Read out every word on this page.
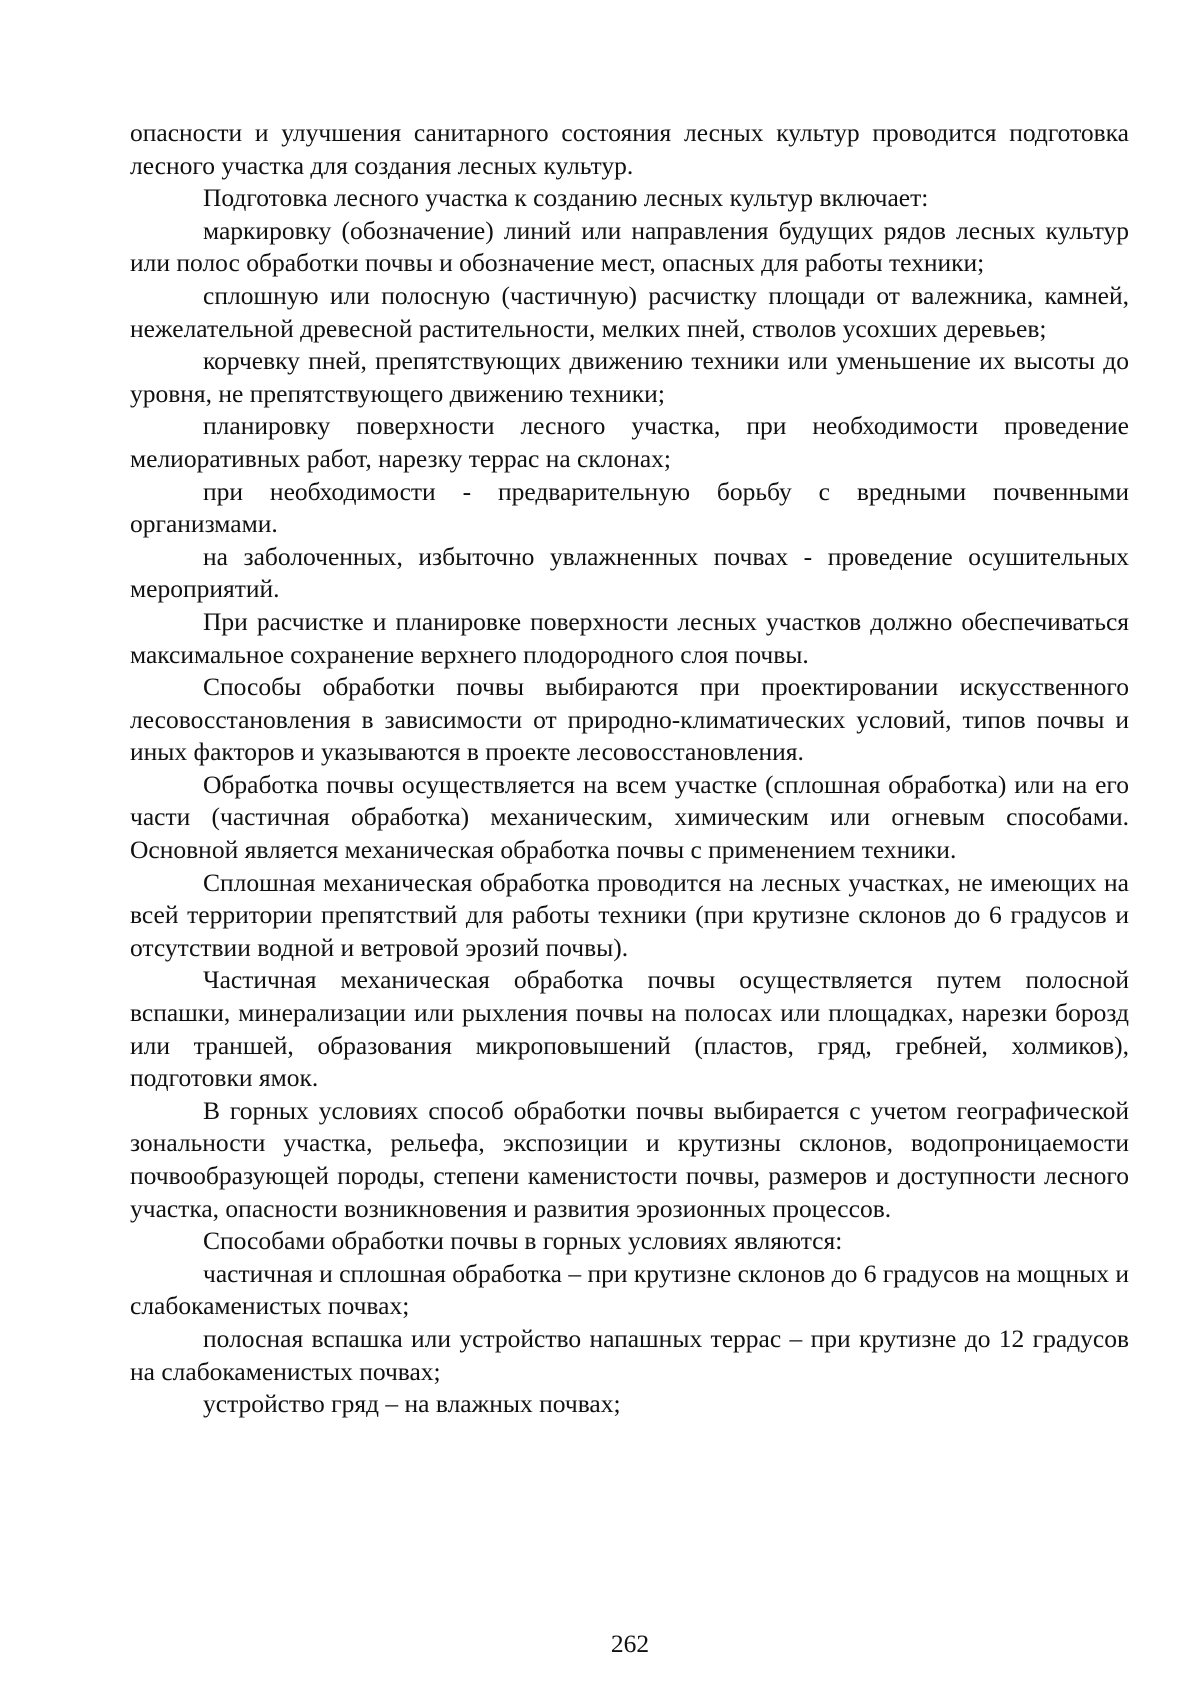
опасности и улучшения санитарного состояния лесных культур проводится подготовка лесного участка для создания лесных культур.

Подготовка лесного участка к созданию лесных культур включает:

маркировку (обозначение) линий или направления будущих рядов лесных культур или полос обработки почвы и обозначение мест, опасных для работы техники;

сплошную или полосную (частичную) расчистку площади от валежника, камней, нежелательной древесной растительности, мелких пней, стволов усохших деревьев;

корчевку пней, препятствующих движению техники или уменьшение их высоты до уровня, не препятствующего движению техники;

планировку поверхности лесного участка, при необходимости проведение мелиоративных работ, нарезку террас на склонах;

при необходимости - предварительную борьбу с вредными почвенными организмами.

на заболоченных, избыточно увлажненных почвах - проведение осушительных мероприятий.

При расчистке и планировке поверхности лесных участков должно обеспечиваться максимальное сохранение верхнего плодородного слоя почвы.

Способы обработки почвы выбираются при проектировании искусственного лесовосстановления в зависимости от природно-климатических условий, типов почвы и иных факторов и указываются в проекте лесовосстановления.

Обработка почвы осуществляется на всем участке (сплошная обработка) или на его части (частичная обработка) механическим, химическим или огневым способами. Основной является механическая обработка почвы с применением техники.

Сплошная механическая обработка проводится на лесных участках, не имеющих на всей территории препятствий для работы техники (при крутизне склонов до 6 градусов и отсутствии водной и ветровой эрозий почвы).

Частичная механическая обработка почвы осуществляется путем полосной вспашки, минерализации или рыхления почвы на полосах или площадках, нарезки борозд или траншей, образования микроповышений (пластов, гряд, гребней, холмиков), подготовки ямок.

В горных условиях способ обработки почвы выбирается с учетом географической зональности участка, рельефа, экспозиции и крутизны склонов, водопроницаемости почвообразующей породы, степени каменистости почвы, размеров и доступности лесного участка, опасности возникновения и развития эрозионных процессов.

Способами обработки почвы в горных условиях являются:

частичная и сплошная обработка – при крутизне склонов до 6 градусов на мощных и слабокаменистых почвах;

полосная вспашка или устройство напашных террас – при крутизне до 12 градусов на слабокаменистых почвах;

устройство гряд – на влажных почвах;

262
